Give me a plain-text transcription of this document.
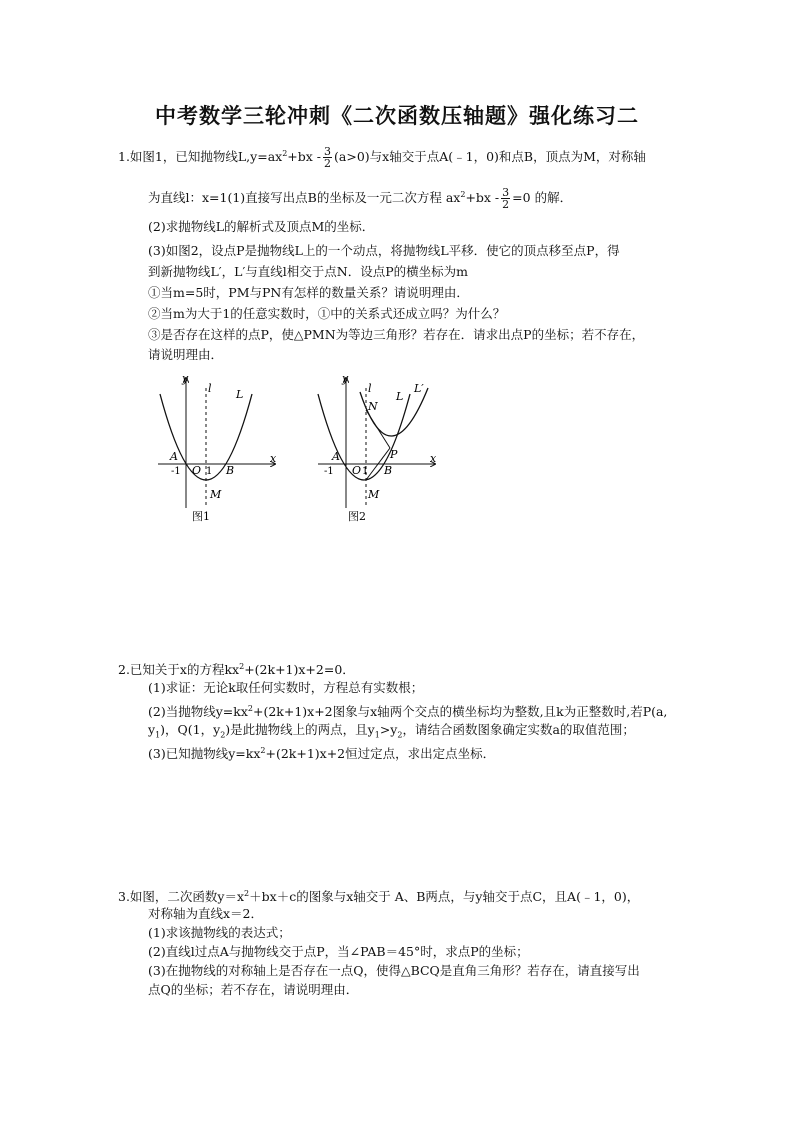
中考数学三轮冲刺《二次函数压轴题》强化练习二
1.如图1，已知抛物线$L,y=ax^2+bx - \frac{3}{2} (a>0)$与x轴交于点A(﹣1，0)和点B，顶点为M，对称轴
为直线l：x=1(1)直接写出点B的坐标及一元二次方程 $ax^2+bx - \frac{3}{2} =0$ 的解．
(2)求抛物线L的解析式及顶点M的坐标．
(3)如图2，设点P是抛物线L上的一个动点，将抛物线L平移．使它的顶点移至点P，得
到新抛物线L′，L′与直线l相交于点N．设点P的横坐标为m
①当m=5时，PM与PN有怎样的数量关系？请说明理由．
②当m为大于1的任意实数时，①中的关系式还成立吗？为什么？
③是否存在这样的点P，使△PMN为等边三角形？若存在．请求出点P的坐标；若不存在，
请说明理由．
y
l L
x
A
-1 O 1 B
M
图1
y
l
L
L′
N
x
A
-1 O 1 B
P
M
图2
2.已知关于x的方程$kx^2+(2k+1)x+2=0$．
(1)求证：无论k取任何实数时，方程总有实数根；
(2)当抛物线$y=kx^2+(2k+1)x+2$图象与x轴两个交点的横坐标均为整数,且k为正整数时,若P(a,
$y_1$)，Q(1，$y_2$)是此抛物线上的两点，且$y_1>y_2$，请结合函数图象确定实数a的取值范围；
(3)已知抛物线$y=kx^2+(2k+1)x+2$恒过定点，求出定点坐标．
3.如图，二次函数$y=x^2+bx+c$的图象与x轴交于 A、B两点，与y轴交于点C，且A(﹣1，0)，
对称轴为直线x＝2．
(1)求该抛物线的表达式；
(2)直线l过点A与抛物线交于点P，当∠PAB＝45°时，求点P的坐标；
(3)在抛物线的对称轴上是否存在一点Q，使得△BCQ是直角三角形？若存在，请直接写出
点Q的坐标；若不存在，请说明理由．
